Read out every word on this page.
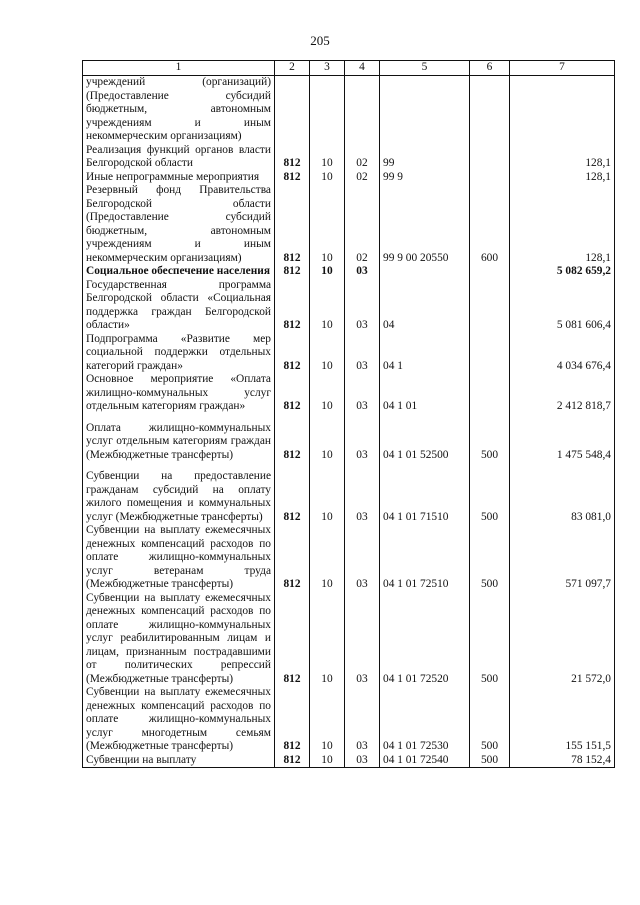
205
1	2	3	4	5	6	7
учреждений (организаций) (Предоставление субсидий бюджетным, автономным учреждениям и иным некоммерческим организациям)						
Реализация функций органов власти Белгородской области	812	10	02	99		128,1
Иные непрограммные мероприятия	812	10	02	99 9		128,1
Резервный фонд Правительства Белгородской области (Предоставление субсидий бюджетным, автономным учреждениям и иным некоммерческим организациям)	812	10	02	99 9 00 20550	600	128,1
Социальное обеспечение населения	812	10	03			5 082 659,2
Государственная программа Белгородской области «Социальная поддержка граждан Белгородской области»	812	10	03	04		5 081 606,4
Подпрограмма «Развитие мер социальной поддержки отдельных категорий граждан»	812	10	03	04 1		4 034 676,4
Основное мероприятие «Оплата жилищно-коммунальных услуг отдельным категориям граждан»	812	10	03	04 1 01		2 412 818,7
Оплата жилищно-коммунальных услуг отдельным категориям граждан (Межбюджетные трансферты)	812	10	03	04 1 01 52500	500	1 475 548,4
Субвенции на предоставление гражданам субсидий на оплату жилого помещения и коммунальных услуг (Межбюджетные трансферты)	812	10	03	04 1 01 71510	500	83 081,0
Субвенции на выплату ежемесячных денежных компенсаций расходов по оплате жилищно-коммунальных услуг ветеранам труда (Межбюджетные трансферты)	812	10	03	04 1 01 72510	500	571 097,7
Субвенции на выплату ежемесячных денежных компенсаций расходов по оплате жилищно-коммунальных услуг реабилитированным лицам и лицам, признанным пострадавшими от политических репрессий (Межбюджетные трансферты)	812	10	03	04 1 01 72520	500	21 572,0
Субвенции на выплату ежемесячных денежных компенсаций расходов по оплате жилищно-коммунальных услуг многодетным семьям (Межбюджетные трансферты)	812	10	03	04 1 01 72530	500	155 151,5
Субвенции на выплату	812	10	03	04 1 01 72540	500	78 152,4
